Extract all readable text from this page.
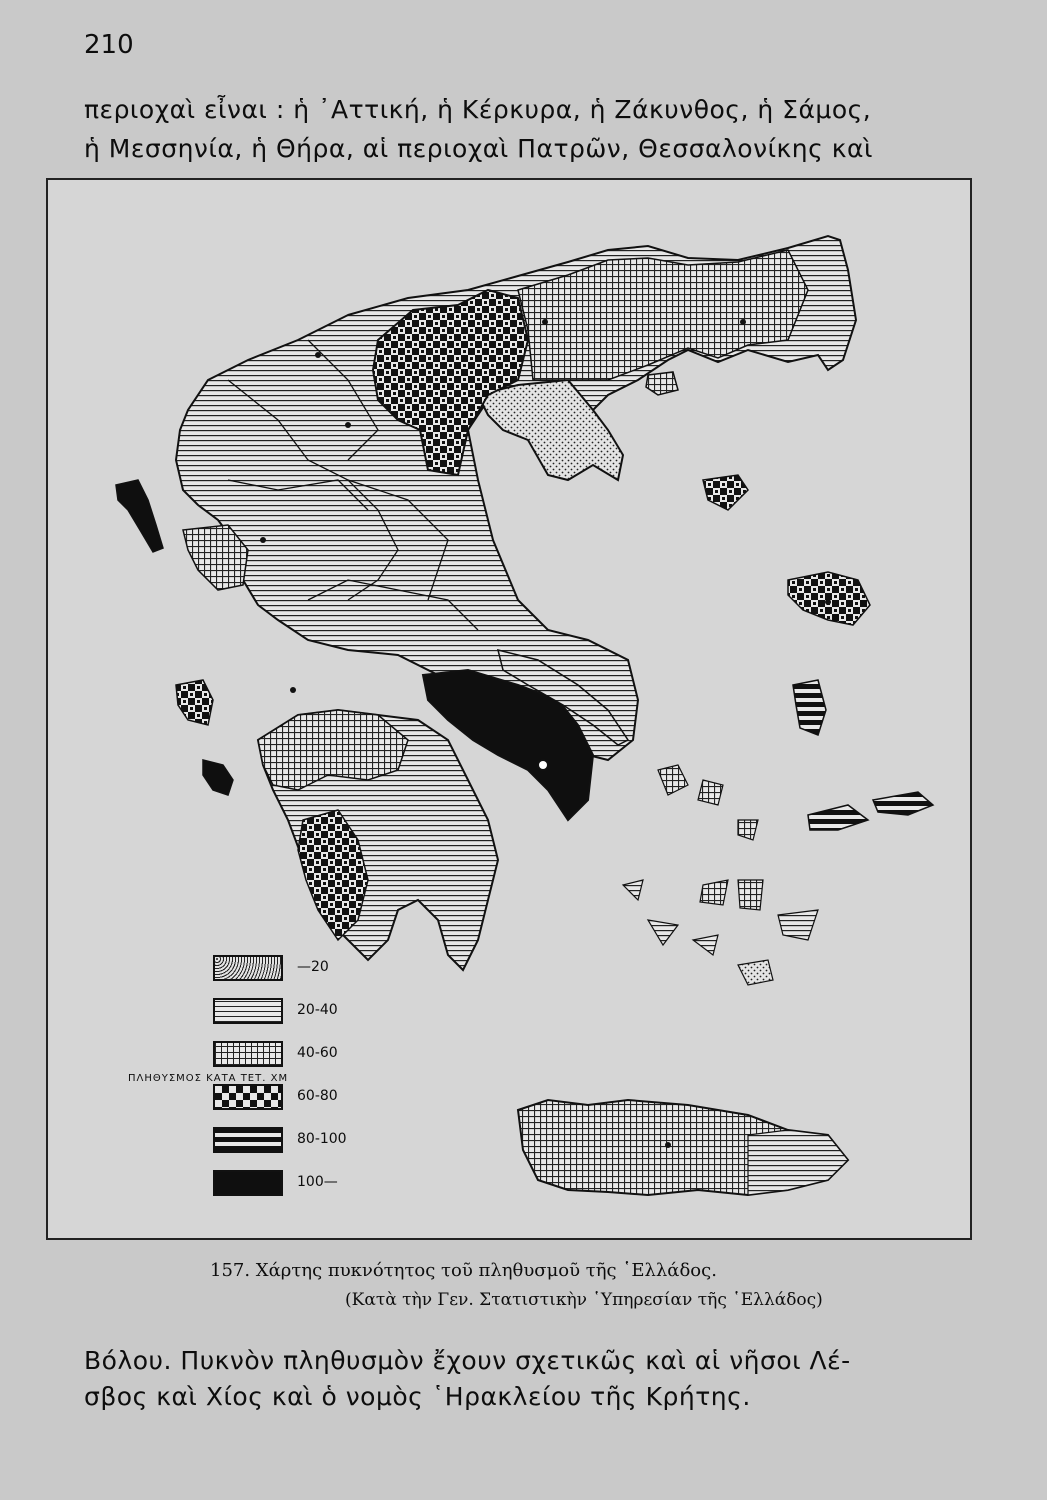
210
περιοχαὶ εἶναι : ἡ ᾿Αττική, ἡ Κέρκυρα, ἡ Ζάκυνθος, ἡ Σάμος,
ἡ Μεσσηνία, ἡ Θήρα, αἱ περιοχαὶ Πατρῶν, Θεσσαλονίκης καὶ
ΠΛΗΘΥΣΜΟΣ ΚΑΤΑ ΤΕΤ. ΧΜ
—20
20-40
40-60
60-80
80-100
100—
157. Χάρτης πυκνότητος τοῦ πληθυσμοῦ τῆς ῾Ελλάδος.
(Κατὰ τὴν Γεν. Στατιστικὴν ῾Υπηρεσίαν τῆς ῾Ελλάδος)
Βόλου. Πυκνὸν πληθυσμὸν ἔχουν σχετικῶς καὶ αἱ νῆσοι Λέ-
σβος καὶ Χίος καὶ ὁ νομὸς ῾Ηρακλείου τῆς Κρήτης.
